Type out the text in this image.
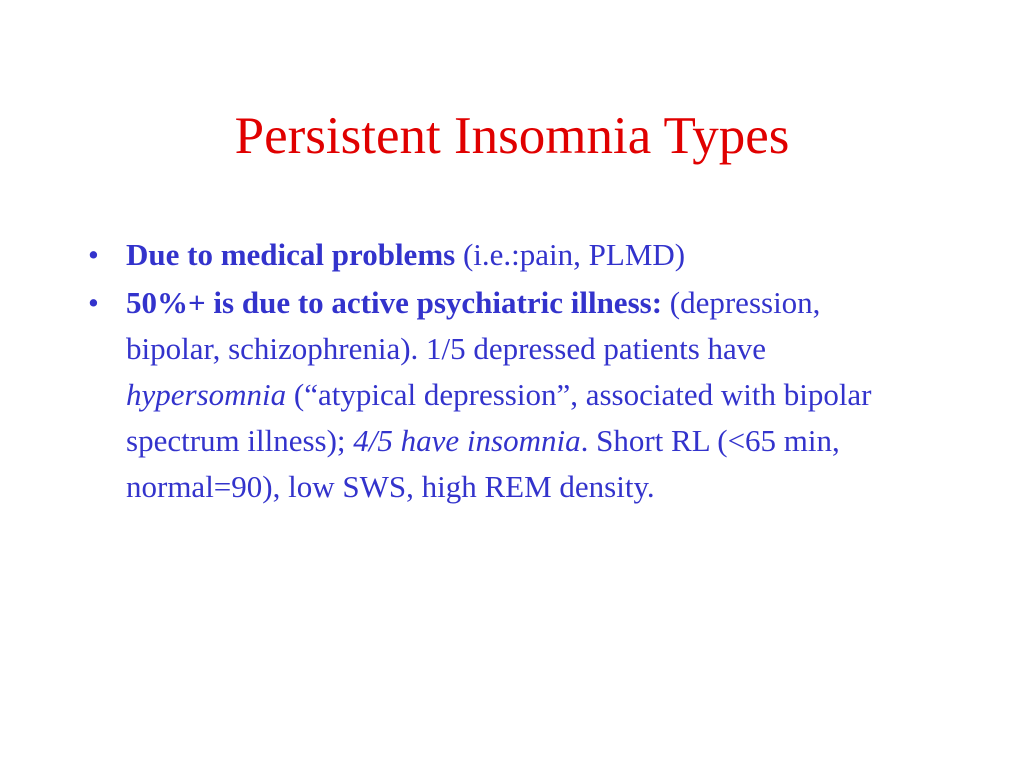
Persistent Insomnia Types
• Due to medical problems (i.e.:pain, PLMD)
• 50%+ is due to active psychiatric illness: (depression, bipolar, schizophrenia). 1/5 depressed patients have hypersomnia (“atypical depression”, associated with bipolar spectrum illness); 4/5 have insomnia. Short RL (<65 min, normal=90), low SWS, high REM density.
